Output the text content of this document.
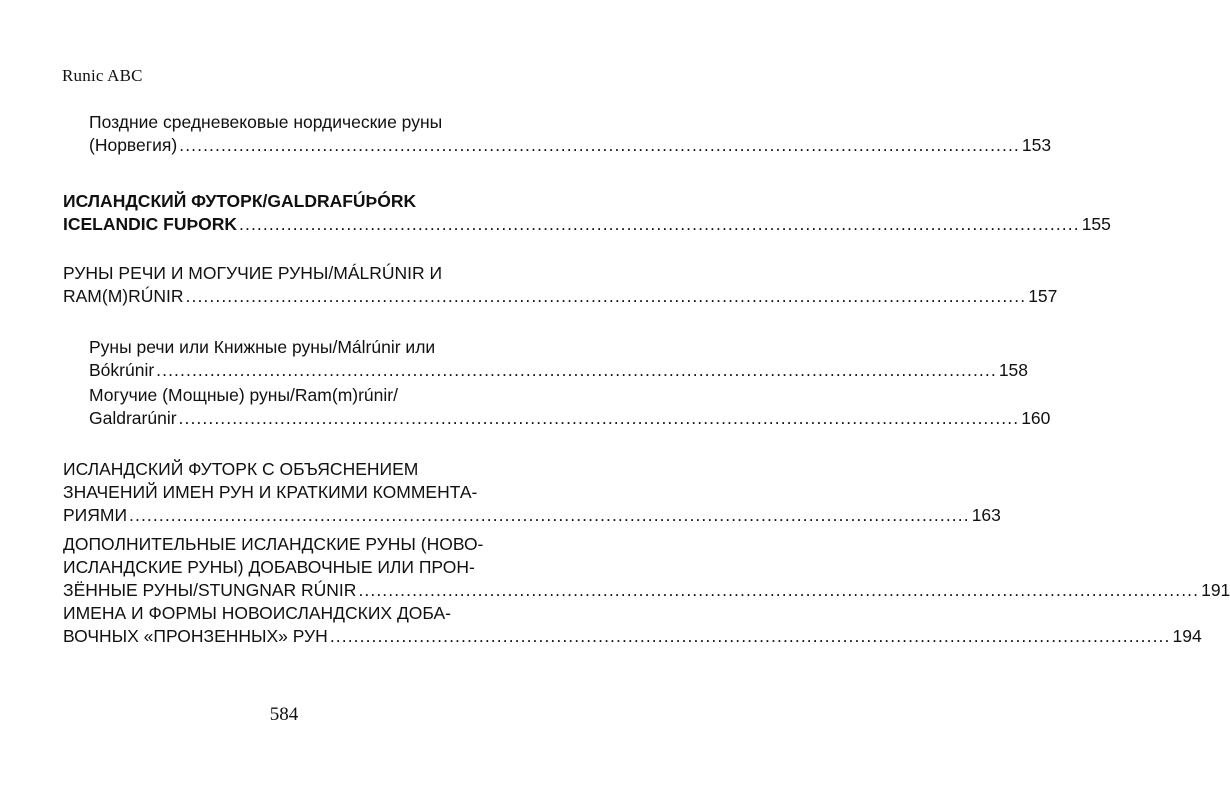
Runic ABC
Поздние средневековые нордические руны
(Норвегия) .....	153
ИСЛАНДСКИЙ ФУТОРК/GALDRAFÚÞÓRK
ICELANDIC FUÞORK .....	155
РУНЫ РЕЧИ И МОГУЧИЕ РУНЫ/MÁLRÚNIR И
RAM(M)RÚNIR .....	157
Руны речи или Книжные руны/Málrúnir или
Bókrúnir .....	158
Могучие (Мощные) руны/Ram(m)rúnir/
Galdrarúnir .....	160
ИСЛАНДСКИЙ ФУТОРК С ОБЪЯСНЕНИЕМ
ЗНАЧЕНИЙ ИМЕН РУН И КРАТКИМИ КОММЕНТА-
РИЯМИ .....	163
ДОПОЛНИТЕЛЬНЫЕ ИСЛАНДСКИЕ РУНЫ (НОВО-
ИСЛАНДСКИЕ РУНЫ) ДОБАВОЧНЫЕ ИЛИ ПРОН-
ЗЁННЫЕ РУНЫ/STUNGNAR RÚNIR .....	191
ИМЕНА И ФОРМЫ НОВОИСЛАНДСКИХ ДОБА-
ВОЧНЫХ «ПРОНЗЕННЫХ» РУН .....	194
584
